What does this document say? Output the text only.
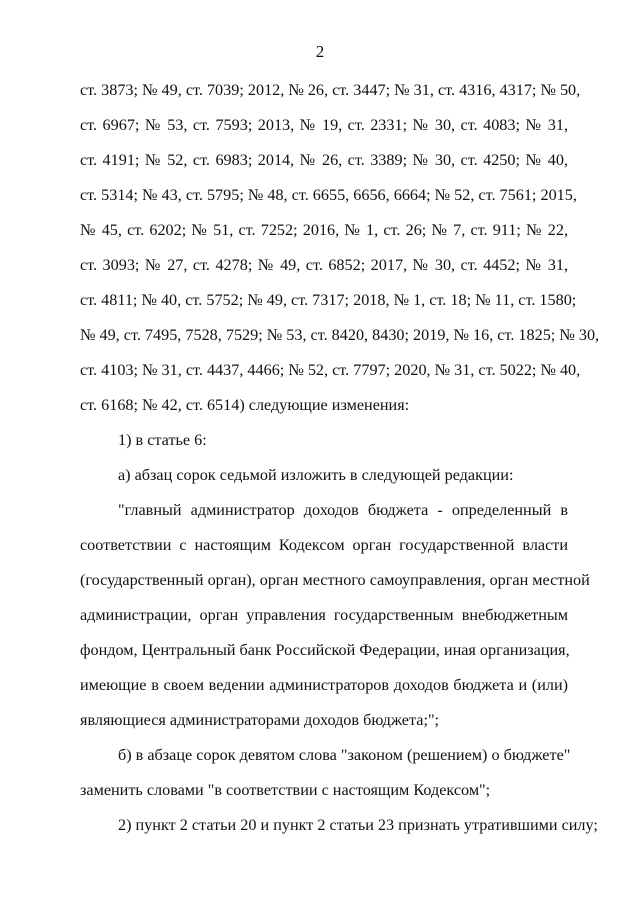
2
ст. 3873; № 49, ст. 7039; 2012, № 26, ст. 3447; № 31, ст. 4316, 4317; № 50,
ст. 6967; № 53, ст. 7593; 2013, № 19, ст. 2331; № 30, ст. 4083; № 31,
ст. 4191; № 52, ст. 6983; 2014, № 26, ст. 3389; № 30, ст. 4250; № 40,
ст. 5314; № 43, ст. 5795; № 48, ст. 6655, 6656, 6664; № 52, ст. 7561; 2015,
№ 45, ст. 6202; № 51, ст. 7252; 2016, № 1, ст. 26; № 7, ст. 911; № 22,
ст. 3093; № 27, ст. 4278; № 49, ст. 6852; 2017, № 30, ст. 4452; № 31,
ст. 4811; № 40, ст. 5752; № 49, ст. 7317; 2018, № 1, ст. 18; № 11, ст. 1580;
№ 49, ст. 7495, 7528, 7529; № 53, ст. 8420, 8430; 2019, № 16, ст. 1825; № 30,
ст. 4103; № 31, ст. 4437, 4466; № 52, ст. 7797; 2020, № 31, ст. 5022; № 40,
ст. 6168; № 42, ст. 6514) следующие изменения:
1) в статье 6:
а) абзац сорок седьмой изложить в следующей редакции:
"главный администратор доходов бюджета - определенный в
соответствии с настоящим Кодексом орган государственной власти
(государственный орган), орган местного самоуправления, орган местной
администрации, орган управления государственным внебюджетным
фондом, Центральный банк Российской Федерации, иная организация,
имеющие в своем ведении администраторов доходов бюджета и (или)
являющиеся администраторами доходов бюджета;";
б) в абзаце сорок девятом слова "законом (решением) о бюджете"
заменить словами "в соответствии с настоящим Кодексом";
2) пункт 2 статьи 20 и пункт 2 статьи 23 признать утратившими силу;
